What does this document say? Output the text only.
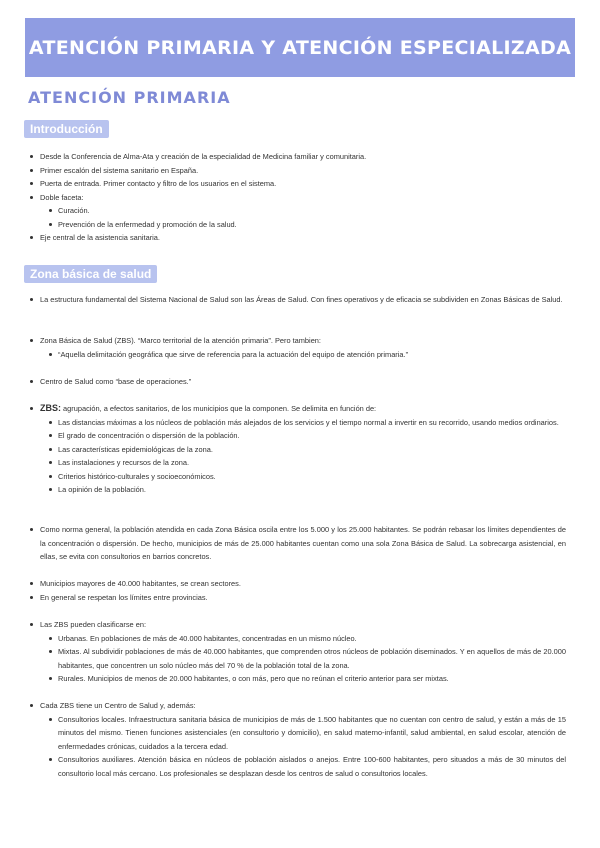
ATENCIÓN PRIMARIA Y ATENCIÓN ESPECIALIZADA
ATENCIÓN PRIMARIA
Introducción
Desde la Conferencia de Alma-Ata y creación de la especialidad de Medicina familiar y comunitaria.
Primer escalón del sistema sanitario en España.
Puerta de entrada. Primer contacto y filtro de los usuarios en el sistema.
Doble faceta:
Curación.
Prevención de la enfermedad y promoción de la salud.
Eje central de la asistencia sanitaria.
Zona básica de salud
La estructura fundamental del Sistema Nacional de Salud son las Áreas de Salud. Con fines operativos y de eficacia se subdividen en Zonas Básicas de Salud.
Zona Básica de Salud (ZBS). “Marco territorial de la atención primaria”. Pero tambien:
“Aquella delimitación geográfica que sirve de referencia para la actuación del equipo de atención primaria.”
Centro de Salud como “base de operaciones.”
ZBS: agrupación, a efectos sanitarios, de los municipios que la componen. Se delimita en función de:
Las distancias máximas a los núcleos de población más alejados de los servicios y el tiempo normal a invertir en su recorrido, usando medios ordinarios.
El grado de concentración o dispersión de la población.
Las características epidemiológicas de la zona.
Las instalaciones y recursos de la zona.
Criterios histórico-culturales y socioeconómicos.
La opinión de la población.
Como norma general, la población atendida en cada Zona Básica oscila entre los 5.000 y los 25.000 habitantes. Se podrán rebasar los límites dependientes de la concentración o dispersión. De hecho, municipios de más de 25.000 habitantes cuentan como una sola Zona Básica de Salud. La sobrecarga asistencial, en ellas, se evita con consultorios en barrios concretos.
Municipios mayores de 40.000 habitantes, se crean sectores.
En general se respetan los límites entre provincias.
Las ZBS pueden clasificarse en:
Urbanas. En poblaciones de más de 40.000 habitantes, concentradas en un mismo núcleo.
Mixtas. Al subdividir poblaciones de más de 40.000 habitantes, que comprenden otros núcleos de población diseminados. Y en aquellos de más de 20.000 habitantes, que concentren un solo núcleo más del 70 % de la población total de la zona.
Rurales. Municipios de menos de 20.000 habitantes, o con más, pero que no reúnan el criterio anterior para ser mixtas.
Cada ZBS tiene un Centro de Salud y, además:
Consultorios locales. Infraestructura sanitaria básica de municipios de más de 1.500 habitantes que no cuentan con centro de salud, y están a más de 15 minutos del mismo. Tienen funciones asistenciales (en consultorio y domicilio), en salud materno-infantil, salud ambiental, en salud escolar, atención de enfermedades crónicas, cuidados a la tercera edad.
Consultorios auxiliares. Atención básica en núcleos de población aislados o anejos. Entre 100-600 habitantes, pero situados a más de 30 minutos del consultorio local más cercano. Los profesionales se desplazan desde los centros de salud o consultorios locales.
